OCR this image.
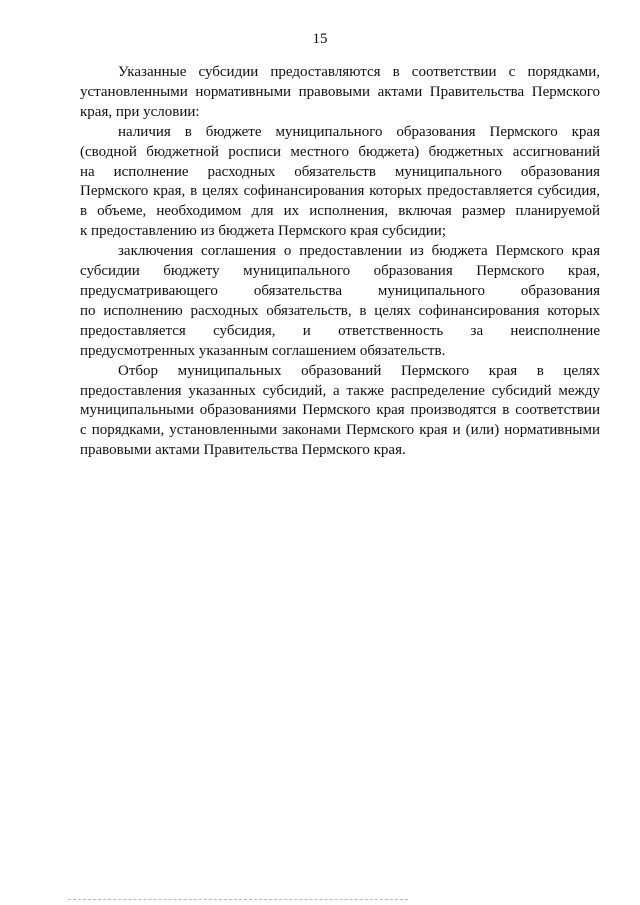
15

Указанные субсидии предоставляются в соответствии с порядками,
установленными нормативными правовыми актами Правительства Пермского
края, при условии:

наличия в бюджете муниципального образования Пермского края
(сводной бюджетной росписи местного бюджета) бюджетных ассигнований
на исполнение расходных обязательств муниципального образования
Пермского края, в целях софинансирования которых предоставляется субсидия,
в объеме, необходимом для их исполнения, включая размер планируемой
к предоставлению из бюджета Пермского края субсидии;

заключения соглашения о предоставлении из бюджета Пермского края
субсидии бюджету муниципального образования Пермского края,
предусматривающего обязательства муниципального образования
по исполнению расходных обязательств, в целях софинансирования которых
предоставляется субсидия, и ответственность за неисполнение
предусмотренных указанным соглашением обязательств.

Отбор муниципальных образований Пермского края в целях
предоставления указанных субсидий, а также распределение субсидий между
муниципальными образованиями Пермского края производятся в соответствии
с порядками, установленными законами Пермского края и (или) нормативными
правовыми актами Правительства Пермского края.
